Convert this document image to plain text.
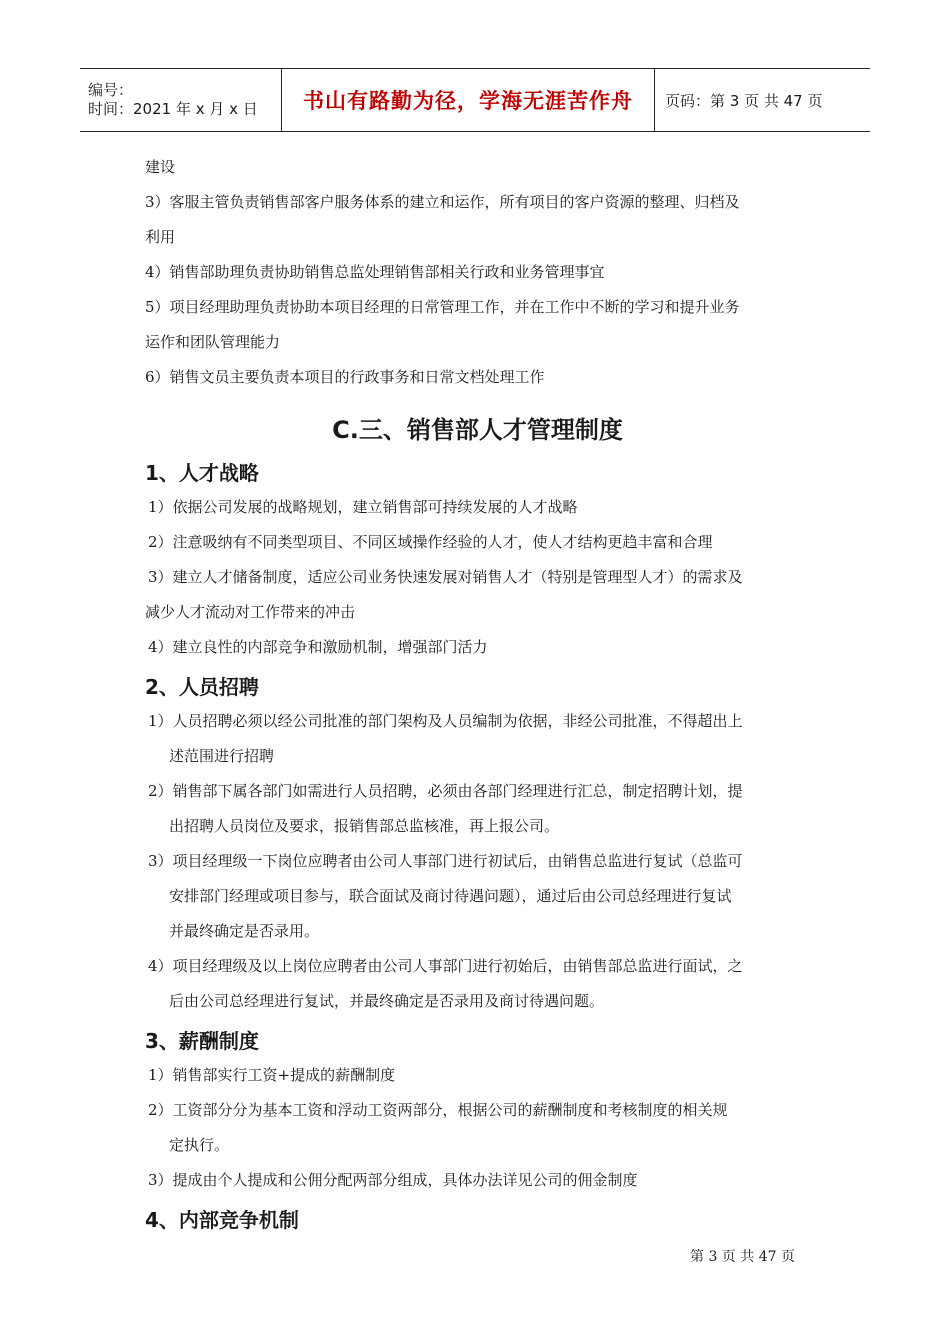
编号：
时间：2021 年 x 月 x 日	书山有路勤为径，学海无涯苦作舟 页码：第 3 页 共 47 页

建设

3）客服主管负责销售部客户服务体系的建立和运作，所有项目的客户资源的整理、归档及

利用

4）销售部助理负责协助销售总监处理销售部相关行政和业务管理事宜

5）项目经理助理负责协助本项目经理的日常管理工作，并在工作中不断的学习和提升业务

运作和团队管理能力

6）销售文员主要负责本项目的行政事务和日常文档处理工作

C.三、销售部人才管理制度
1、人才战略

1）依据公司发展的战略规划，建立销售部可持续发展的人才战略

2）注意吸纳有不同类型项目、不同区域操作经验的人才，使人才结构更趋丰富和合理

3）建立人才储备制度，适应公司业务快速发展对销售人才（特别是管理型人才）的需求及

减少人才流动对工作带来的冲击

4）建立良性的内部竞争和激励机制，增强部门活力

2、人员招聘

1）人员招聘必须以经公司批准的部门架构及人员编制为依据，非经公司批准，不得超出上

述范围进行招聘

2）销售部下属各部门如需进行人员招聘，必须由各部门经理进行汇总，制定招聘计划，提

出招聘人员岗位及要求，报销售部总监核准，再上报公司。

3）项目经理级一下岗位应聘者由公司人事部门进行初试后，由销售总监进行复试（总监可

安排部门经理或项目参与，联合面试及商讨待遇问题），通过后由公司总经理进行复试

并最终确定是否录用。

4）项目经理级及以上岗位应聘者由公司人事部门进行初始后，由销售部总监进行面试，之

后由公司总经理进行复试，并最终确定是否录用及商讨待遇问题。

3、薪酬制度

1）销售部实行工资+提成的薪酬制度

2）工资部分分为基本工资和浮动工资两部分，根据公司的薪酬制度和考核制度的相关规

定执行。

3）提成由个人提成和公佣分配两部分组成，具体办法详见公司的佣金制度

4、内部竞争机制
第 3 页 共 47 页
